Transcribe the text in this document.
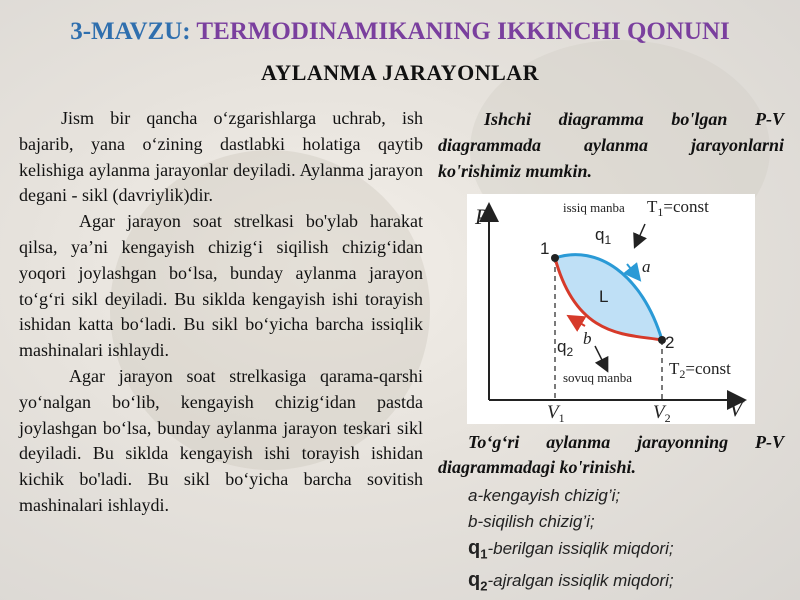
3-MAVZU: TERMODINAMIKANING IKKINCHI QONUNI
AYLANMA JARAYONLAR

Jism bir qancha o‘zgarishlarga uchrab, ish bajarib, yana o‘zining dastlabki holatiga qaytib kelishiga aylanma jarayonlar deyiladi. Aylanma jarayon degani - sikl (davriylik)dir.

Agar jarayon soat strelkasi bo'ylab harakat qilsa, ya’ni kengayish chizig‘i siqilish chizig‘idan yoqori joylashgan bo‘lsa, bunday aylanma jarayon to‘g‘ri sikl deyiladi. Bu siklda kengayish ishi torayish ishidan katta bo‘ladi. Bu sikl bo‘yicha barcha issiqlik mashinalari ishlaydi.

Agar jarayon soat strelkasiga qarama-qarshi yo‘nalgan bo‘lib, kengayish chizig‘idan pastda joylashgan bo‘lsa, bunday aylanma jarayon teskari sikl deyiladi. Bu siklda kengayish ishi torayish ishidan kichik bo'ladi. Bu sikl bo‘yicha barcha sovitish mashinalari ishlaydi.

Ishchi diagramma bo'lgan P-V diagrammada aylanma jarayonlarni ko'rishimiz mumkin.
P
V
1
2
L
a
b
issiq manba $T_1=const$
$q_1$
$q_2$
sovuq manba $T_2=const$
$V_1$	$V_2$
To‘g‘ri aylanma jarayonning P-V diagrammadagi ko'rinishi.
a-kengayish chizig’i;
b-siqilish chizig’i;
$q_1$-berilgan issiqlik miqdori;
$q_2$-ajralgan issiqlik miqdori;
